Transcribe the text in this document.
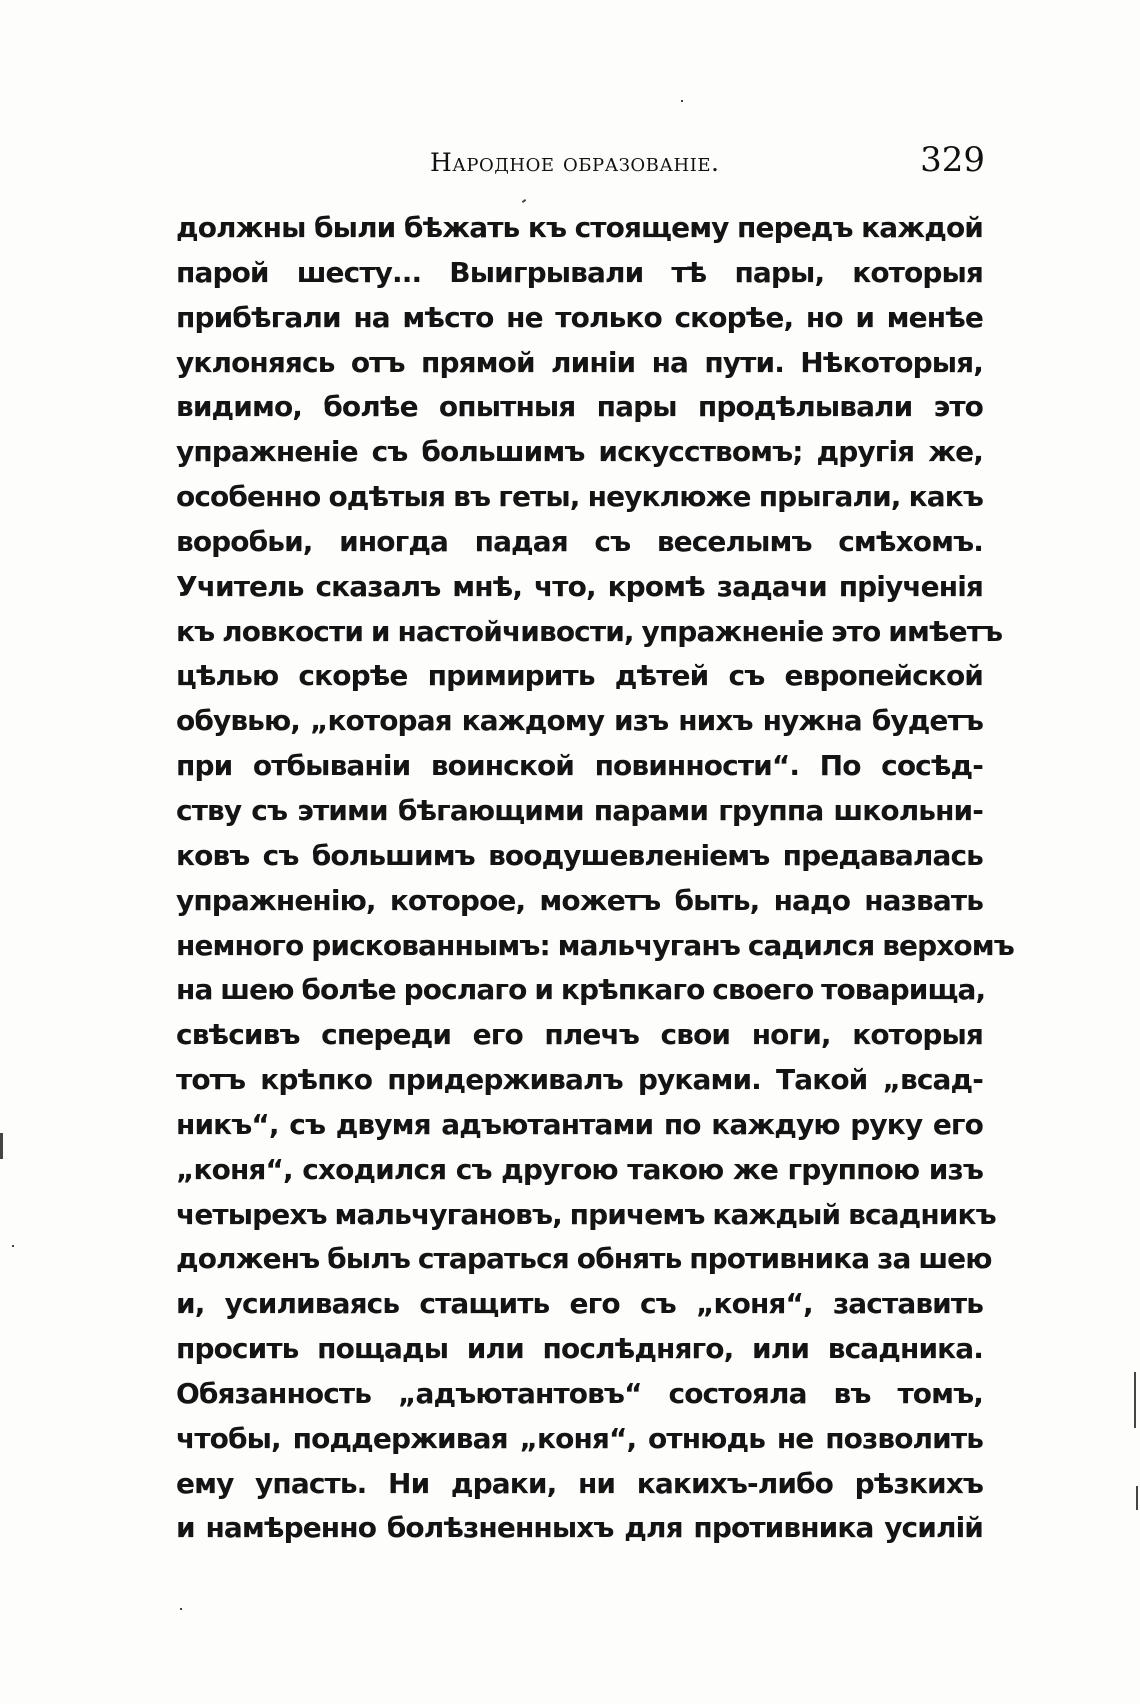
Народное образованіе.	329
должны были бѣжать къ стоящему передъ каждой
парой шесту... Выигрывали тѣ пары, которыя
прибѣгали на мѣсто не только скорѣе, но и менѣе
уклоняясь отъ прямой линіи на пути. Нѣкоторыя,
видимо, болѣе опытныя пары продѣлывали это
упражненіе съ большимъ искусствомъ; другія же,
особенно одѣтыя въ геты, неуклюже прыгали, какъ
воробьи, иногда падая съ веселымъ смѣхомъ.
Учитель сказалъ мнѣ, что, кромѣ задачи пріученія
къ ловкости и настойчивости, упражненіе это имѣетъ
цѣлью скорѣе примирить дѣтей съ европейской
обувью, „которая каждому изъ нихъ нужна будетъ
при отбываніи воинской повинности“. По сосѣд-
ству съ этими бѣгающими парами группа школьни-
ковъ съ большимъ воодушевленіемъ предавалась
упражненію, которое, можетъ быть, надо назвать
немного рискованнымъ: мальчуганъ садился верхомъ
на шею болѣе рослаго и крѣпкаго своего товарища,
свѣсивъ спереди его плечъ свои ноги, которыя
тотъ крѣпко придерживалъ руками. Такой „всад-
никъ“, съ двумя адъютантами по каждую руку его
„коня“, сходился съ другою такою же группою изъ
четырехъ мальчугановъ, причемъ каждый всадникъ
долженъ былъ стараться обнять противника за шею
и, усиливаясь стащить его съ „коня“, заставить
просить пощады или послѣдняго, или всадника.
Обязанность „адъютантовъ“ состояла въ томъ,
чтобы, поддерживая „коня“, отнюдь не позволить
ему упасть. Ни драки, ни какихъ-либо рѣзкихъ
и намѣренно болѣзненныхъ для противника усилій
